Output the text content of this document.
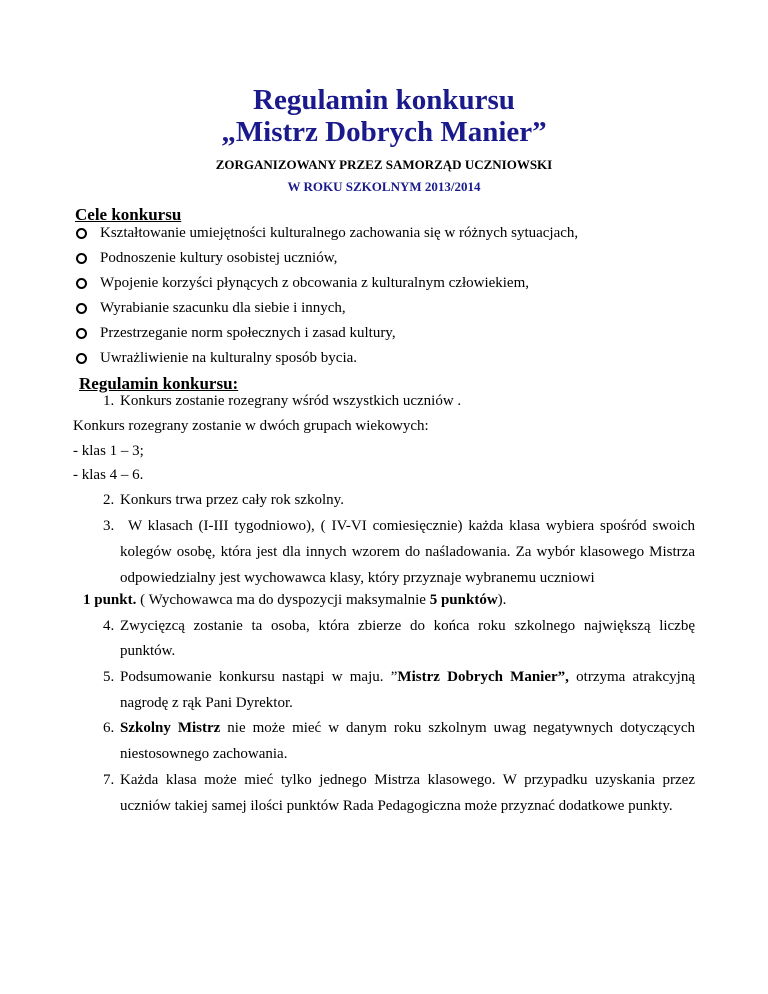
Regulamin konkursu
„Mistrz Dobrych Manier”
ZORGANIZOWANY PRZEZ SAMORZĄD UCZNIOWSKI
W ROKU SZKOLNYM 2013/2014
Cele konkursu
Kształtowanie umiejętności kulturalnego zachowania się w różnych sytuacjach,
Podnoszenie kultury osobistej uczniów,
Wpojenie korzyści płynących z obcowania z kulturalnym człowiekiem,
Wyrabianie szacunku dla siebie i innych,
Przestrzeganie norm społecznych i zasad kultury,
Uwrażliwienie na kulturalny sposób bycia.
Regulamin konkursu:
1. Konkurs zostanie rozegrany wśród wszystkich uczniów .
Konkurs rozegrany zostanie w dwóch grupach wiekowych:
- klas 1 – 3;
- klas 4 – 6.
2. Konkurs trwa przez cały rok szkolny.
3. W klasach (I-III tygodniowo), ( IV-VI comiesięcznie) każda klasa wybiera spośród swoich
kolegów osobę, która jest dla innych wzorem do naśladowania. Za wybór klasowego Mistrza
odpowiedzialny jest wychowawca klasy, który przyznaje wybranemu uczniowi
1 punkt. ( Wychowawca ma do dyspozycji maksymalnie 5 punktów).
4. Zwycięzcą zostanie ta osoba, która zbierze do końca roku szkolnego największą liczbę
punktów.
5. Podsumowanie konkursu nastąpi w maju. ”Mistrz Dobrych Manier”, otrzyma atrakcyjną
nagrodę z rąk Pani Dyrektor.
6. Szkolny Mistrz nie może mieć w danym roku szkolnym uwag negatywnych dotyczących
niestosownego zachowania.
7. Każda klasa może mieć tylko jednego Mistrza klasowego. W przypadku uzyskania przez
uczniów takiej samej ilości punktów Rada Pedagogiczna może przyznać dodatkowe punkty.
